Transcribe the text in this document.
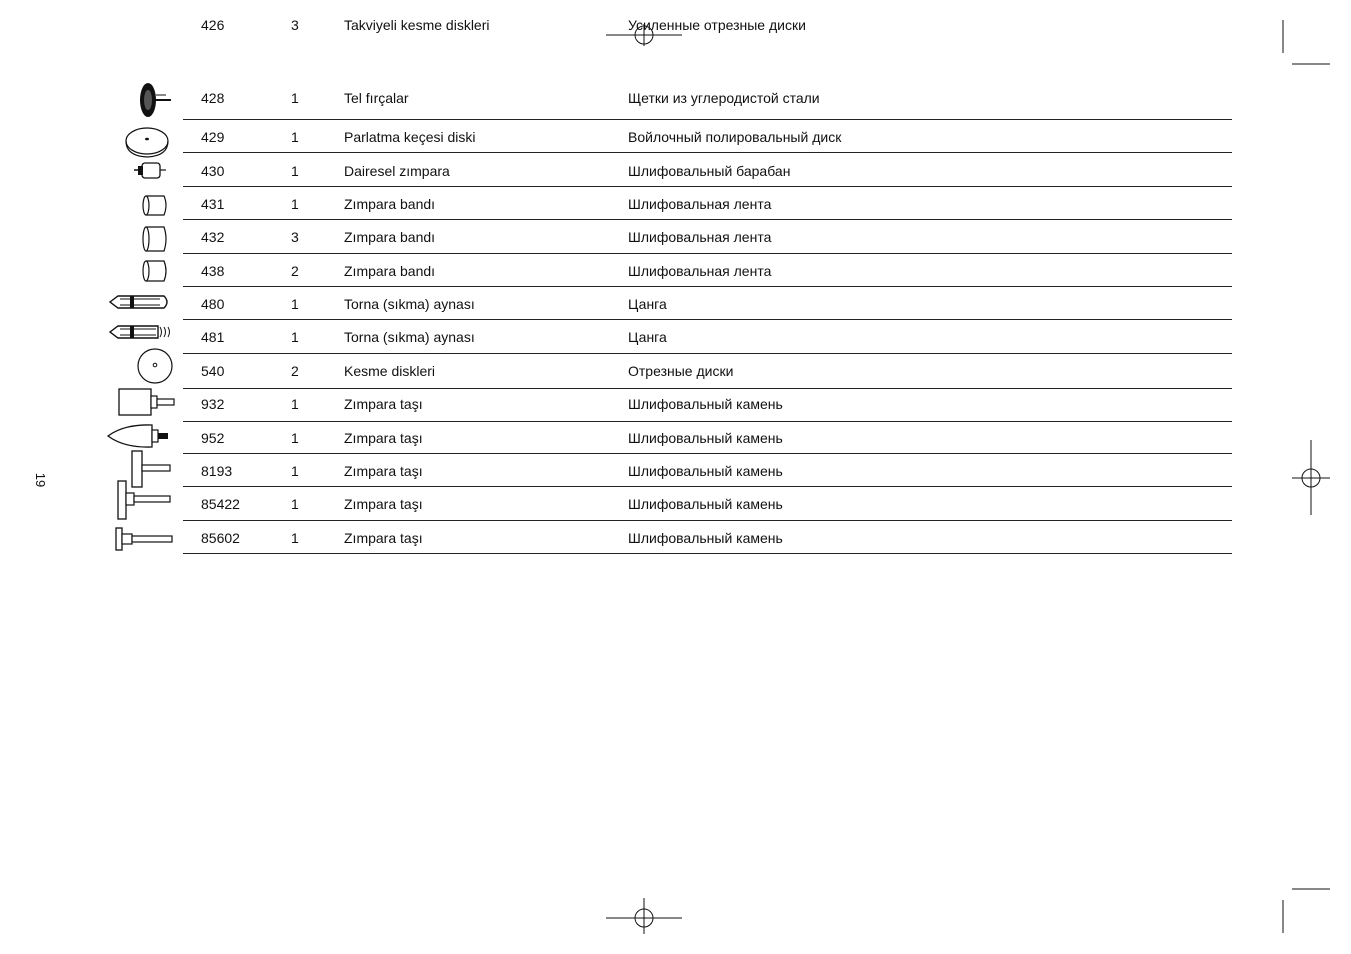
426	3	Takviyeli kesme diskleri	Усиленные отрезные диски
428	1	Tel fırçalar	Щетки из углеродистой стали
429	1	Parlatma keçesi diski	Войлочный полировальный диск
430	1	Dairesel zımpara	Шлифовальный барабан
431	1	Zımpara bandı	Шлифовальная лента
432	3	Zımpara bandı	Шлифовальная лента
438	2	Zımpara bandı	Шлифовальная лента
480	1	Torna (sıkma) aynası	Цанга
481	1	Torna (sıkma) aynası	Цанга
540	2	Kesme diskleri	Отрезные диски
932	1	Zımpara taşı	Шлифовальный камень
952	1	Zımpara taşı	Шлифовальный камень
8193	1	Zımpara taşı	Шлифовальный камень
85422	1	Zımpara taşı	Шлифовальный камень
85602	1	Zımpara taşı	Шлифовальный камень
19
